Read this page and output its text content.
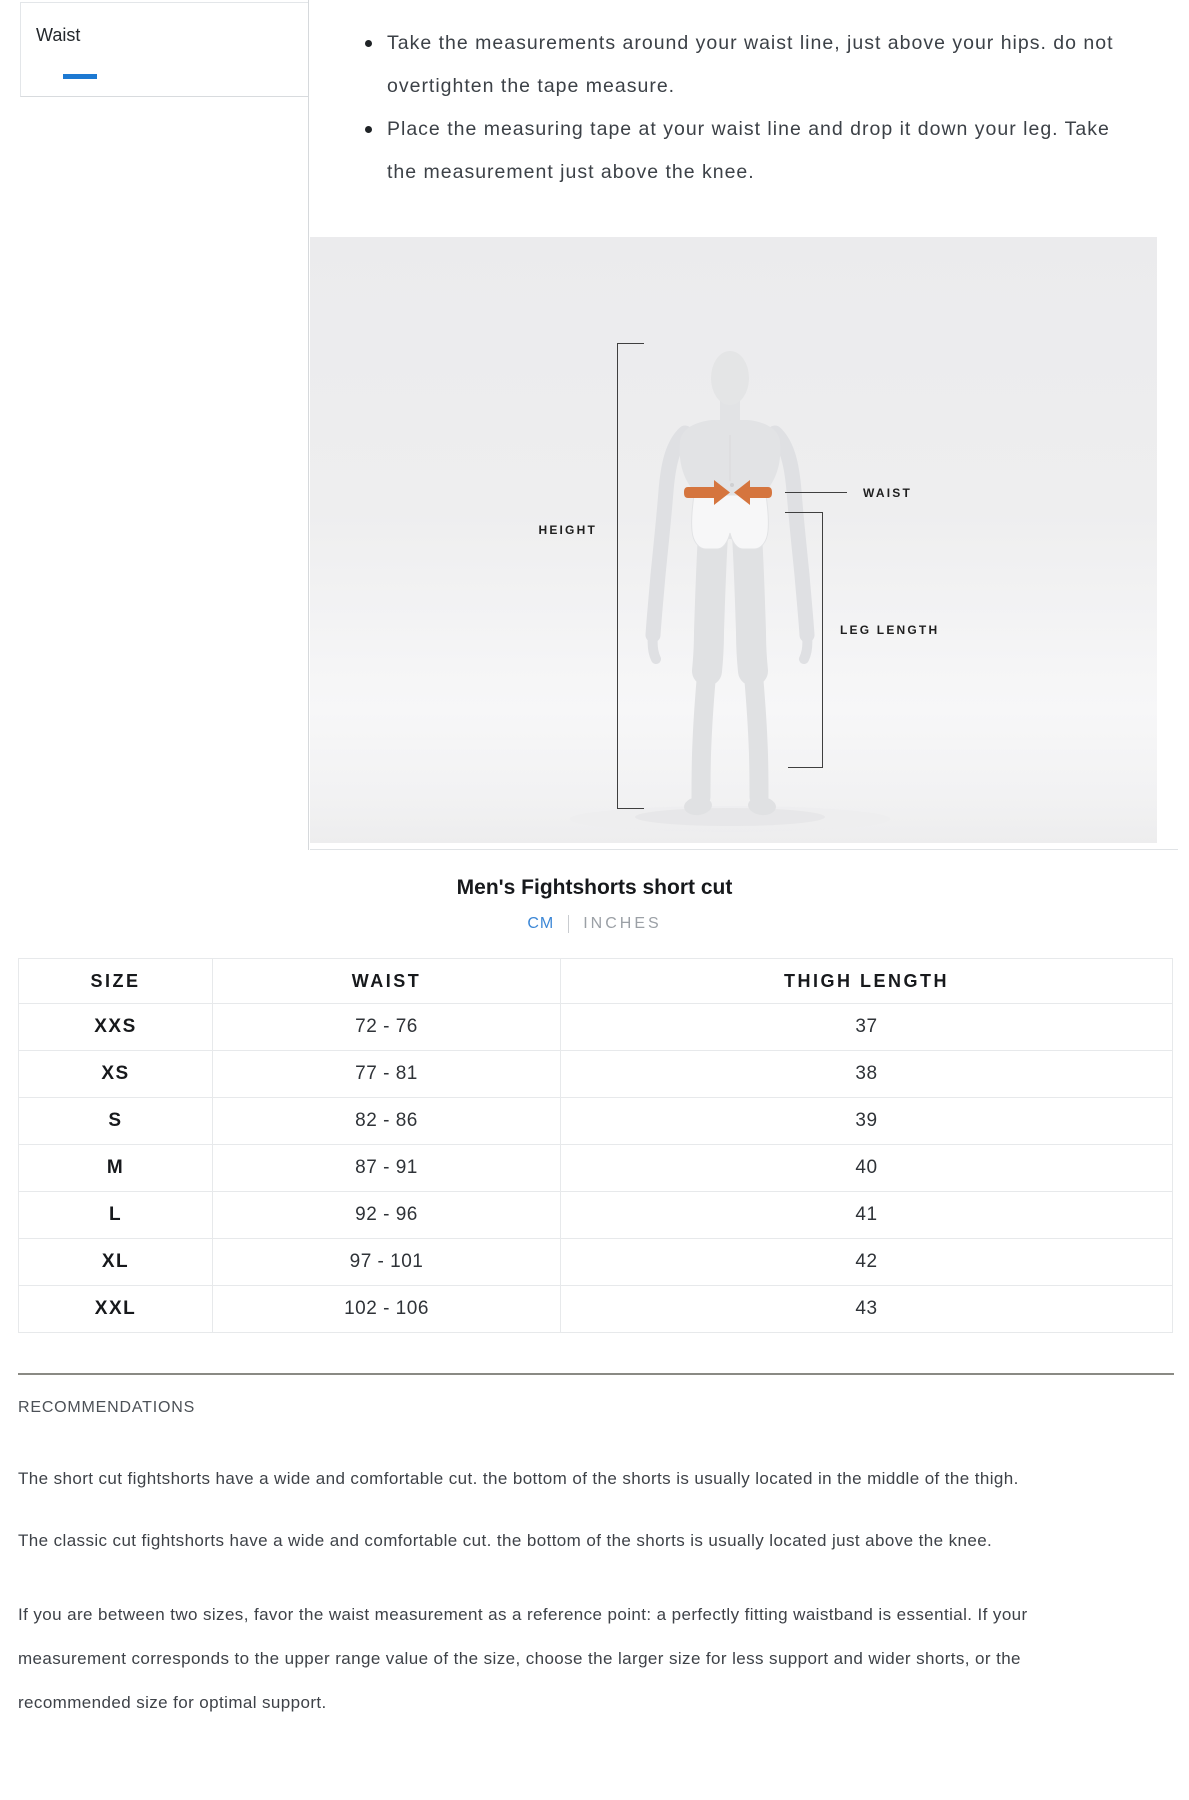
Waist	Take the measurements around your waist line, just above your hips. do not overtighten the tape measure.
Place the measuring tape at your waist line and drop it down your leg. Take the measurement just above the knee.
HEIGHT
WAIST
LEG LENGTH
Men's Fightshorts short cut
CM INCHES
SIZE	WAIST	THIGH LENGTH
XXS	72 - 76	37
XS	77 - 81	38
S	82 - 86	39
M	87 - 91	40
L	92 - 96	41
XL	97 - 101	42
XXL	102 - 106	43
RECOMMENDATIONS

The short cut fightshorts have a wide and comfortable cut. the bottom of the shorts is usually located in the middle of the thigh.

The classic cut fightshorts have a wide and comfortable cut. the bottom of the shorts is usually located just above the knee.

If you are between two sizes, favor the waist measurement as a reference point: a perfectly fitting waistband is essential. If your measurement corresponds to the upper range value of the size, choose the larger size for less support and wider shorts, or the recommended size for optimal support.
